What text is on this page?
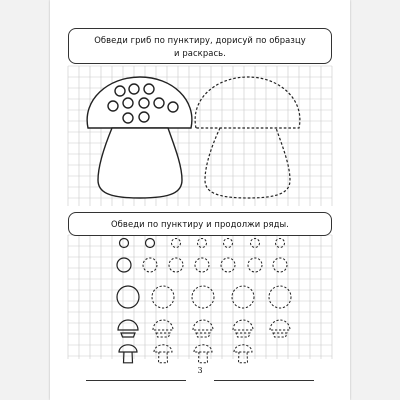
Обведи гриб по пунктиру, дорисуй по образцу
и раскрась.
Обведи по пунктиру и продолжи ряды.
3
